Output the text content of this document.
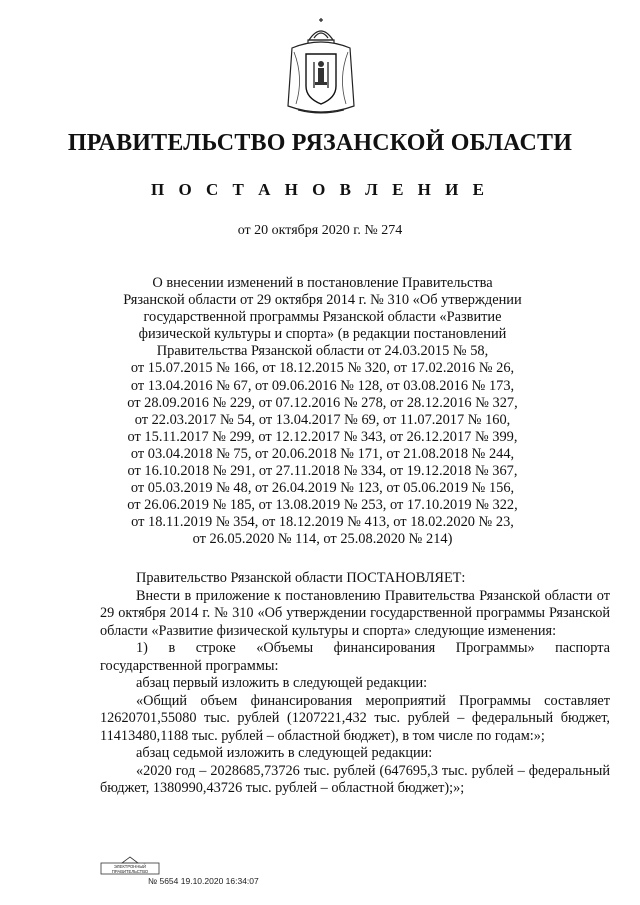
ПРАВИТЕЛЬСТВО РЯЗАНСКОЙ ОБЛАСТИ
П О С Т А Н О В Л Е Н И Е
от 20 октября 2020 г. № 274
О внесении изменений в постановление Правительства
Рязанской области от 29 октября 2014 г. № 310 «Об утверждении
государственной программы Рязанской области «Развитие
физической культуры и спорта» (в редакции постановлений
Правительства Рязанской области от 24.03.2015 № 58,
от 15.07.2015 № 166, от 18.12.2015 № 320, от 17.02.2016 № 26,
от 13.04.2016 № 67, от 09.06.2016 № 128, от 03.08.2016 № 173,
от 28.09.2016 № 229, от 07.12.2016 № 278, от 28.12.2016 № 327,
от 22.03.2017 № 54, от 13.04.2017 № 69, от 11.07.2017 № 160,
от 15.11.2017 № 299, от 12.12.2017 № 343, от 26.12.2017 № 399,
от 03.04.2018 № 75, от 20.06.2018 № 171, от 21.08.2018 № 244,
от 16.10.2018 № 291, от 27.11.2018 № 334, от 19.12.2018 № 367,
от 05.03.2019 № 48, от 26.04.2019 № 123, от 05.06.2019 № 156,
от 26.06.2019 № 185, от 13.08.2019 № 253, от 17.10.2019 № 322,
от 18.11.2019 № 354, от 18.12.2019 № 413, от 18.02.2020 № 23,
от 26.05.2020 № 114, от 25.08.2020 № 214)

Правительство Рязанской области ПОСТАНОВЛЯЕТ:

Внести в приложение к постановлению Правительства Рязанской области от 29 октября 2014 г. № 310 «Об утверждении государственной программы Рязанской области «Развитие физической культуры и спорта» следующие изменения:

1) в строке «Объемы финансирования Программы» паспорта государственной программы:

абзац первый изложить в следующей редакции:

«Общий объем финансирования мероприятий Программы составляет 12620701,55080 тыс. рублей (1207221,432 тыс. рублей – федеральный бюджет, 11413480,1188 тыс. рублей – областной бюджет), в том числе по годам:»;

абзац седьмой изложить в следующей редакции:

«2020 год – 2028685,73726 тыс. рублей (647695,3 тыс. рублей – федеральный бюджет, 1380990,43726 тыс. рублей – областной бюджет);»;

ЭЛЕКТРОННЫЙ
ПРАВИТЕЛЬСТВО
№ 5654 19.10.2020 16:34:07
